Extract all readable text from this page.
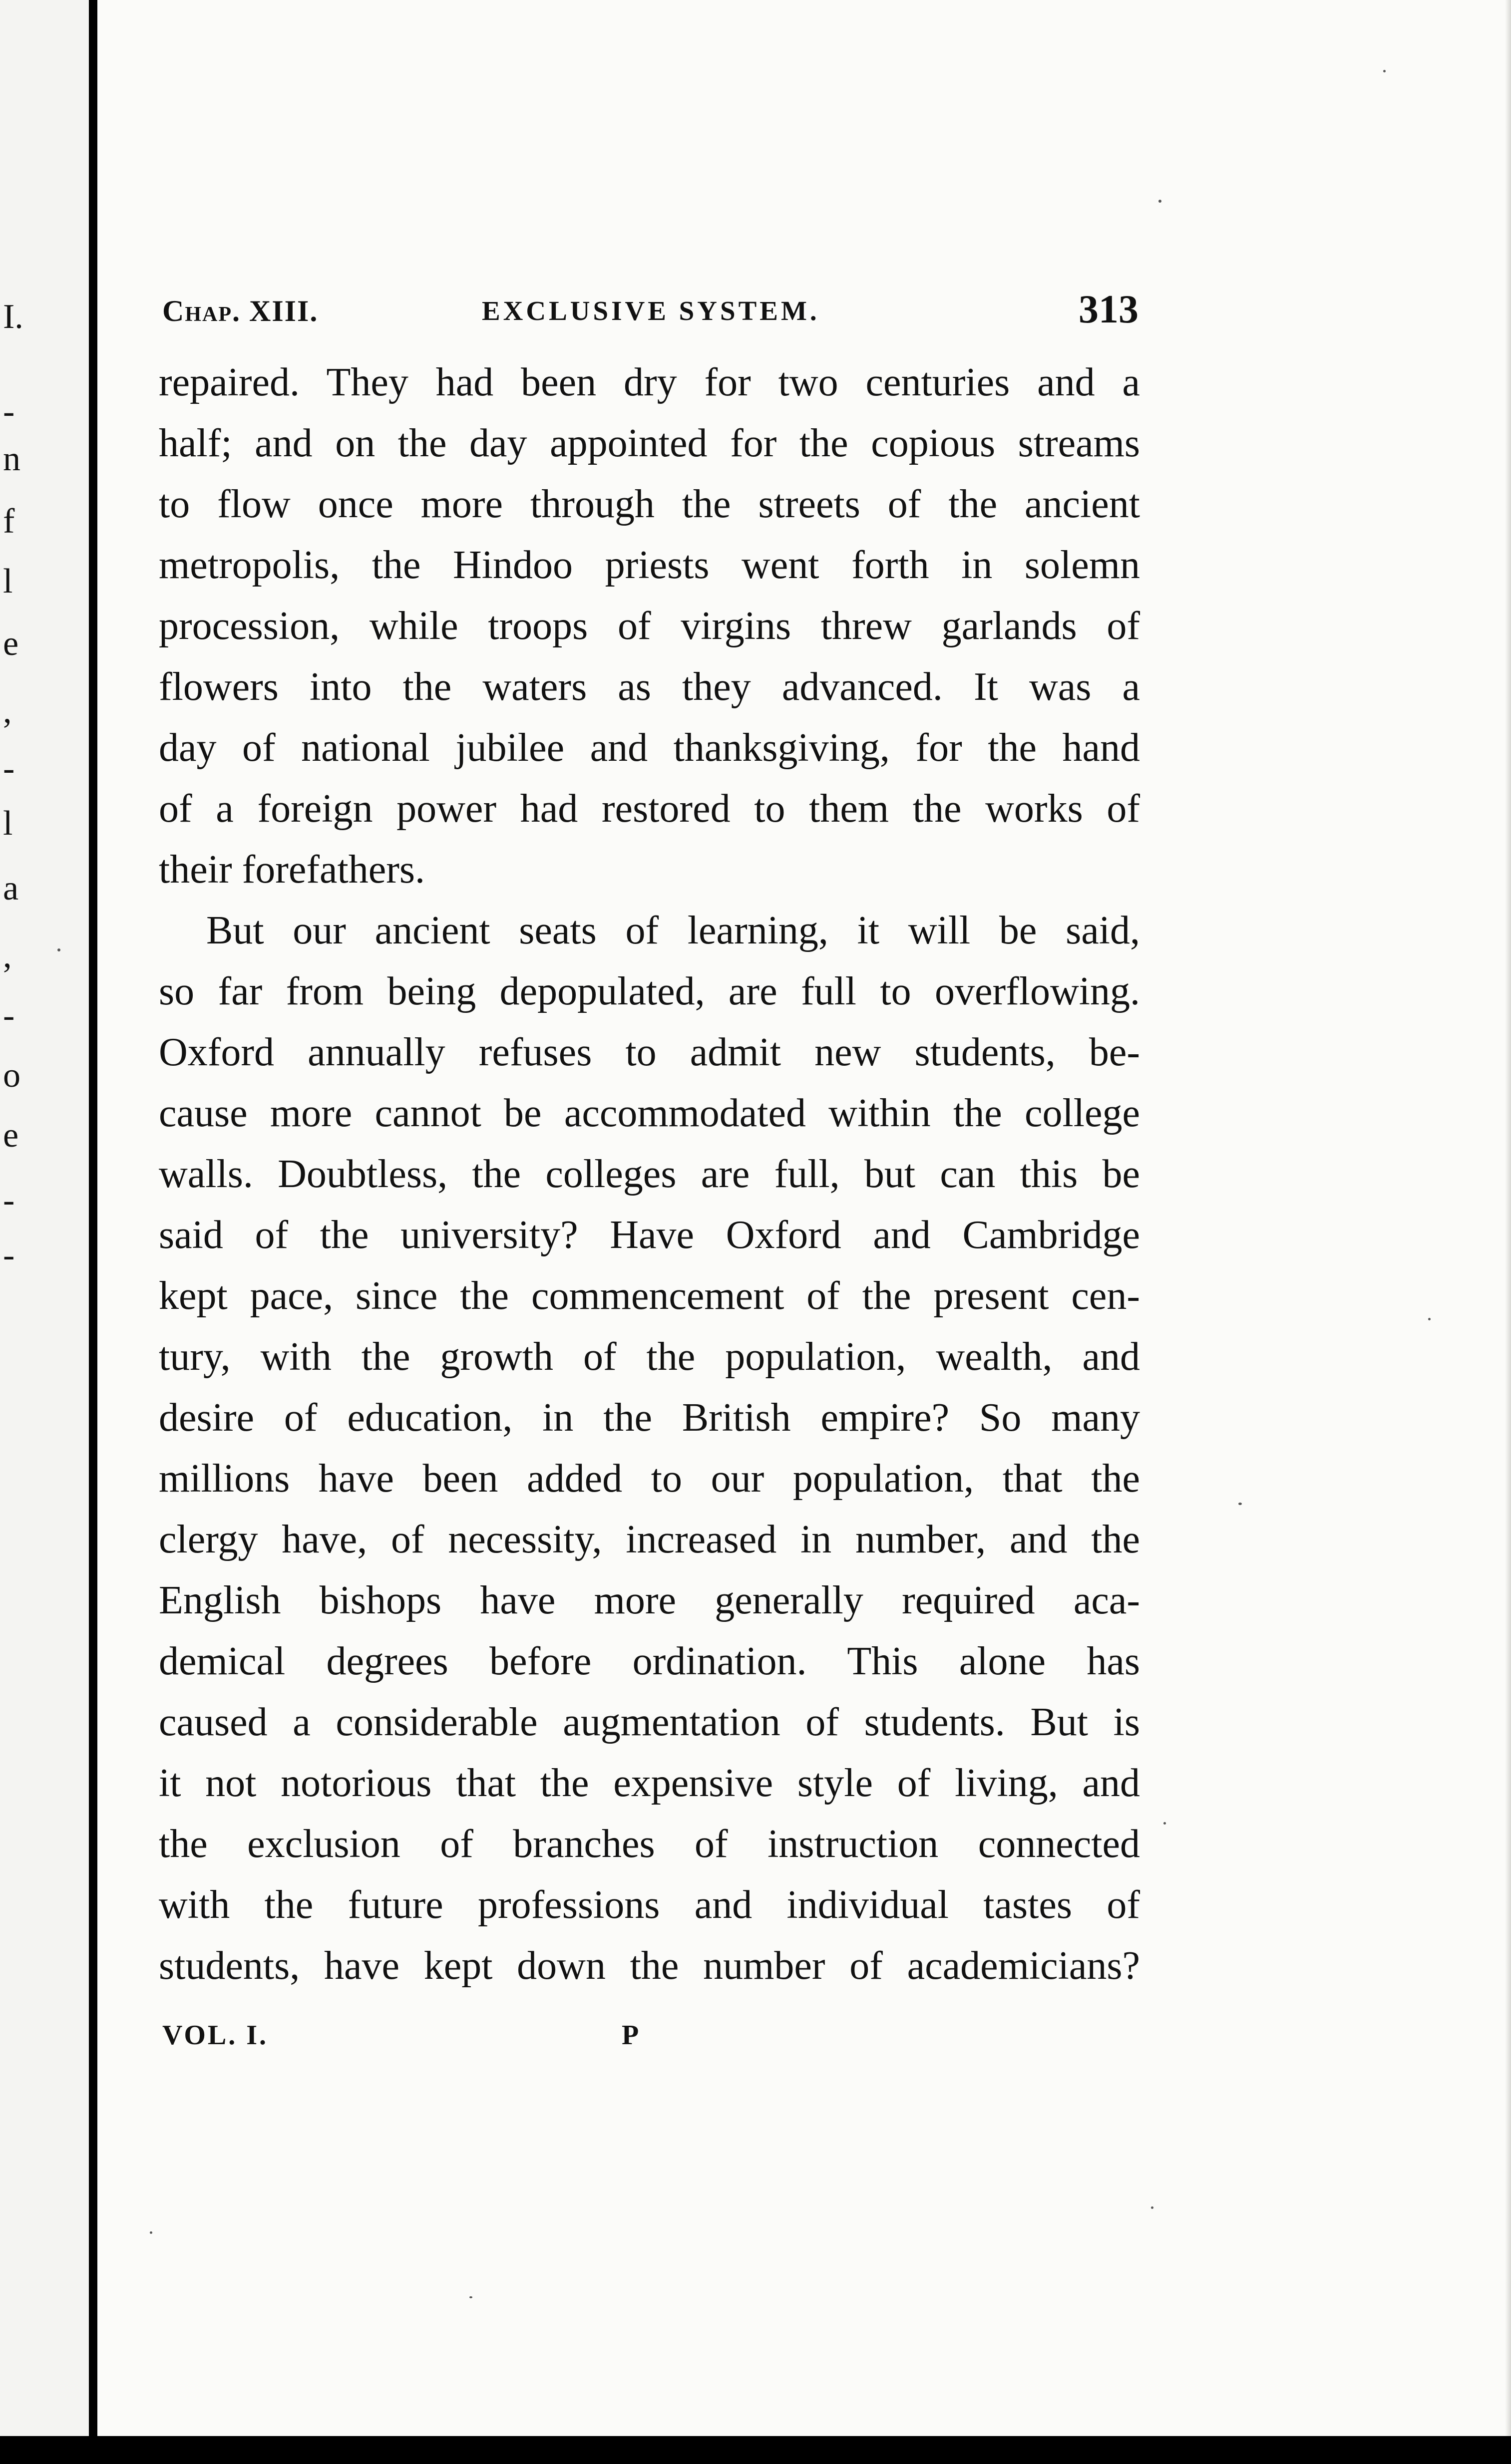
I.
-
n
f
l
e
,
-
l
a
,
-
o
e
-
-
Chap. XIII.	EXCLUSIVE SYSTEM.	313
repaired. They had been dry for two centuries and a
half; and on the day appointed for the copious streams
to flow once more through the streets of the ancient
metropolis, the Hindoo priests went forth in solemn
procession, while troops of virgins threw garlands of
flowers into the waters as they advanced. It was a
day of national jubilee and thanksgiving, for the hand
of a foreign power had restored to them the works of
their forefathers.
But our ancient seats of learning, it will be said,
so far from being depopulated, are full to overflowing.
Oxford annually refuses to admit new students, be-
cause more cannot be accommodated within the college
walls. Doubtless, the colleges are full, but can this be
said of the university? Have Oxford and Cambridge
kept pace, since the commencement of the present cen-
tury, with the growth of the population, wealth, and
desire of education, in the British empire? So many
millions have been added to our population, that the
clergy have, of necessity, increased in number, and the
English bishops have more generally required aca-
demical degrees before ordination. This alone has
caused a considerable augmentation of students. But is
it not notorious that the expensive style of living, and
the exclusion of branches of instruction connected
with the future professions and individual tastes of
students, have kept down the number of academicians?
VOL. I.	P
